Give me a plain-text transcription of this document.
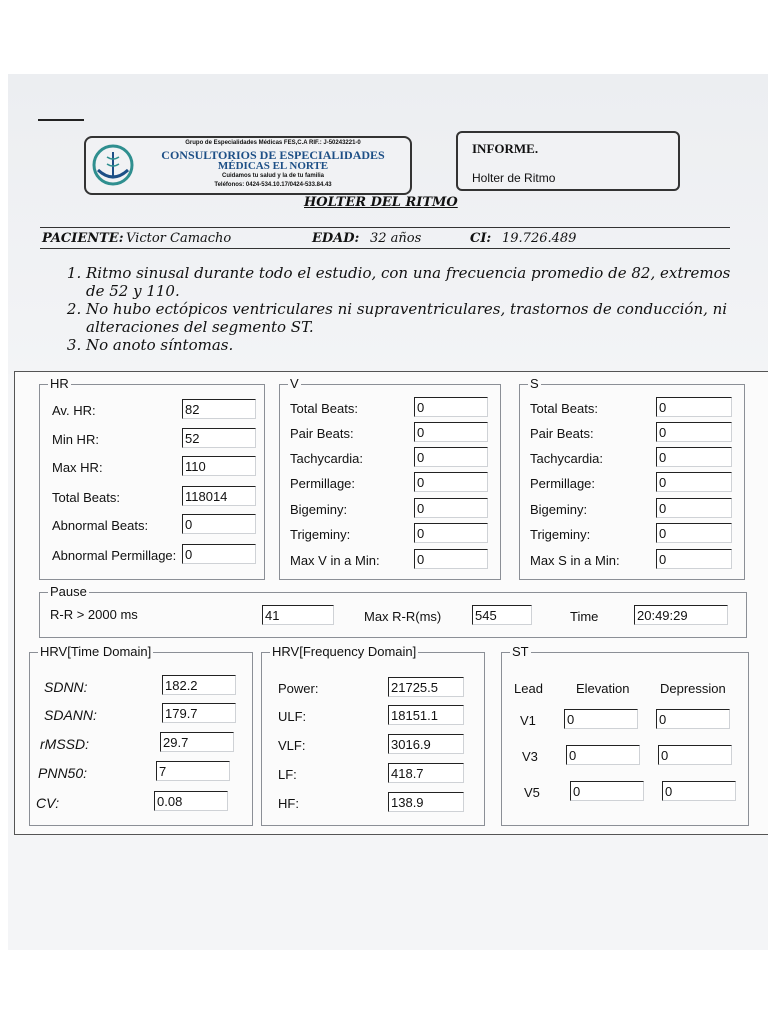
Grupo de Especialidades Médicas FES,C.A RIF.: J-50243221-0
CONSULTORIOS DE ESPECIALIDADES
MÉDICAS EL NORTE
Cuidamos tu salud y la de tu familia
Teléfonos: 0424-534.10.17/0424-533.84.43
INFORME.
Holter de Ritmo
HOLTER DEL RITMO
PACIENTE: Victor Camacho	EDAD: 32 años	CI: 19.726.489
1. Ritmo sinusal durante todo el estudio, con una frecuencia promedio de 82, extremos de 52 y 110.
2. No hubo ectópicos ventriculares ni supraventriculares, trastornos de conducción, ni alteraciones del segmento ST.
3. No anoto síntomas.
HR
Av. HR:	82
Min HR:	52
Max HR:	110
Total Beats:	118014
Abnormal Beats:	0
Abnormal Permillage: 0
V
Total Beats:	0
Pair Beats:	0
Tachycardia:	0
Permillage:	0
Bigeminy:	0
Trigeminy:	0
Max V in a Min:	0
S
Total Beats:	0
Pair Beats:	0
Tachycardia:	0
Permillage:	0
Bigeminy:	0
Trigeminy:	0
Max S in a Min:	0
Pause
R-R > 2000 ms	41	Max R-R(ms)	545	Time	20:49:29
HRV[Time Domain]
SDNN:	182.2
SDANN:	179.7
rMSSD:	29.7
PNN50:	7
CV:	0.08
HRV[Frequency Domain]
Power:	21725.5
ULF:	18151.1
VLF:	3016.9
LF:	418.7
HF:	138.9
ST
Lead	Elevation Depression
V1 0	0
V3 0	0
V5	0	0
